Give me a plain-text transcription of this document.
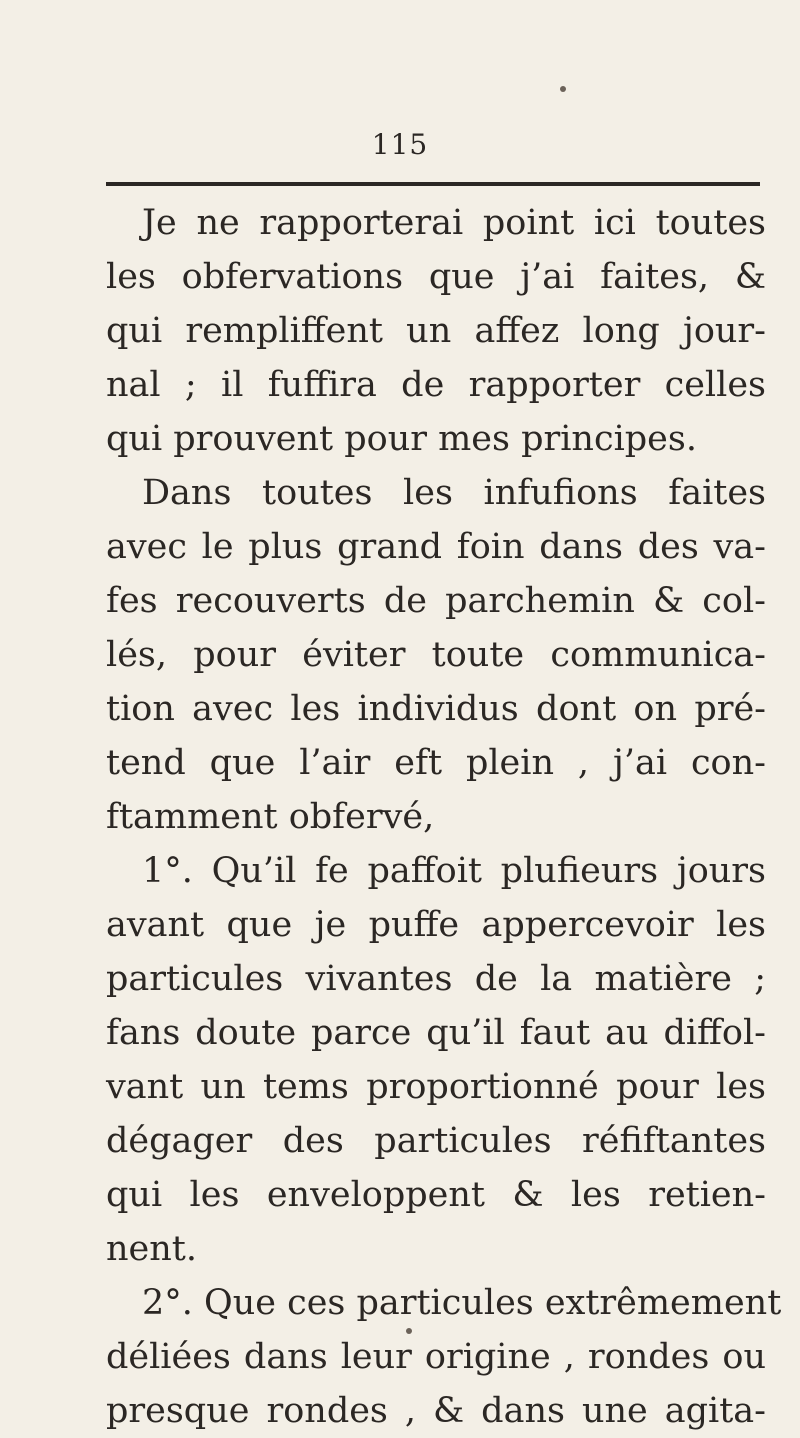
115
Je ne rapporterai point ici toutes
les obfervations que j’ai faites, &
qui rempliffent un affez long jour-
nal ; il fuffira de rapporter celles
qui prouvent pour mes principes.
Dans toutes les infufions faites
avec le plus grand foin dans des va-
fes recouverts de parchemin & col-
lés, pour éviter toute communica-
tion avec les individus dont on pré-
tend que l’air eft plein , j’ai con-
ftamment obfervé,
1°. Qu’il fe paffoit plufieurs jours
avant que je puffe appercevoir les
particules vivantes de la matière ;
fans doute parce qu’il faut au diffol-
vant un tems proportionné pour les
dégager des particules réfiftantes
qui les enveloppent & les retien-
nent.
2°. Que ces particules extrêmement
déliées dans leur origine , rondes ou
presque rondes , & dans une agita-
